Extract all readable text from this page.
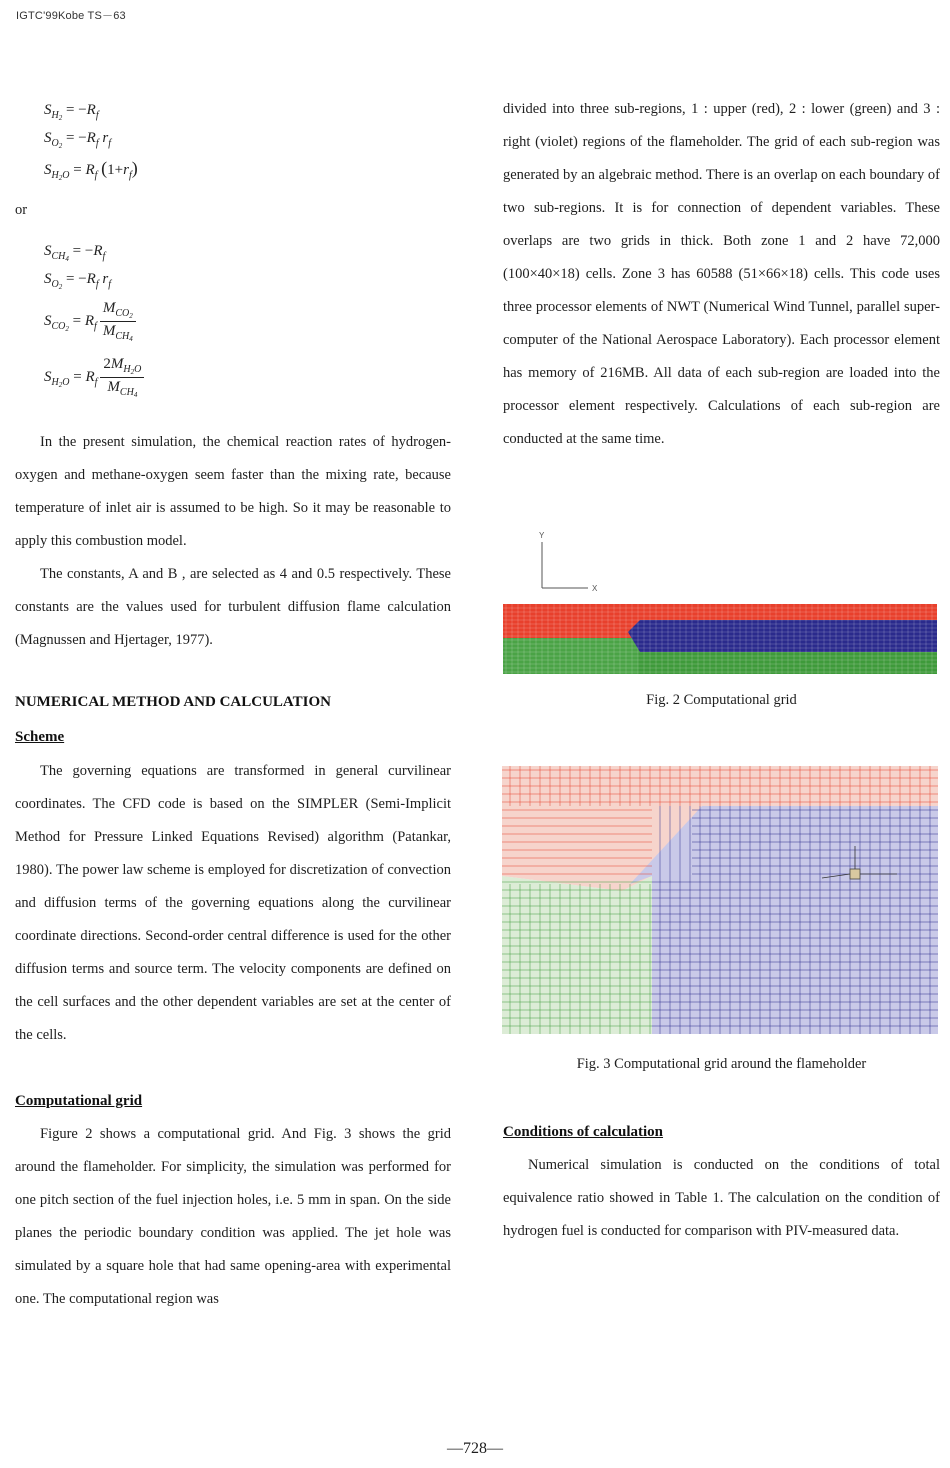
IGTC'99Kobe TS－63
$S_{H_2} = -R_f$
$S_{O_2} = -R_f$ $r_f$
$S_{H_2O} = R_f$ $(1+r_f)$
or
$S_{CH_4} = -R_f$
$S_{O_2} = -R_f$ $r_f$
$S_{CO_2} = R_f \frac{M_{CO_2}}{M_{CH_4}}$
$S_{H_2O} = R_f \frac{2M_{H_2O}}{M_{CH_4}}$

In the present simulation, the chemical reaction rates of hydrogen-oxygen and methane-oxygen seem faster than the mixing rate, because temperature of inlet air is assumed to be high. So it may be reasonable to apply this combustion model.

The constants, A and B , are selected as 4 and 0.5 respectively. These constants are the values used for turbulent diffusion flame calculation (Magnussen and Hjertager, 1977).

NUMERICAL METHOD AND CALCULATION
Scheme

The governing equations are transformed in general curvilinear coordinates. The CFD code is based on the SIMPLER (Semi-Implicit Method for Pressure Linked Equations Revised) algorithm (Patankar, 1980). The power law scheme is employed for discretization of convection and diffusion terms of the governing equations along the curvilinear coordinate directions. Second-order central difference is used for the other diffusion terms and source term. The velocity components are defined on the cell surfaces and the other dependent variables are set at the center of the cells.

Computational grid

Figure 2 shows a computational grid. And Fig. 3 shows the grid around the flameholder. For simplicity, the simulation was performed for one pitch section of the fuel injection holes, i.e. 5 mm in span. On the side planes the periodic boundary condition was applied. The jet hole was simulated by a square hole that had same opening-area with experimental one. The computational region was

divided into three sub-regions, 1 : upper (red), 2 : lower (green) and 3 : right (violet) regions of the flameholder. The grid of each sub-region was generated by an algebraic method. There is an overlap on each boundary of two sub-regions. It is for connection of dependent variables. These overlaps are two grids in thick. Both zone 1 and 2 have 72,000 (100×40×18) cells. Zone 3 has 60588 (51×66×18) cells. This code uses three processor elements of NWT (Numerical Wind Tunnel, parallel super-computer of the National Aerospace Laboratory). Each processor element has memory of 216MB. All data of each sub-region are loaded into the processor element respectively. Calculations of each sub-region are conducted at the same time.

Y
X
Fig. 2 Computational grid
Fig. 3 Computational grid around the flameholder
Conditions of calculation

Numerical simulation is conducted on the conditions of total equivalence ratio showed in Table 1. The calculation on the condition of hydrogen fuel is conducted for comparison with PIV-measured data.

—728—
